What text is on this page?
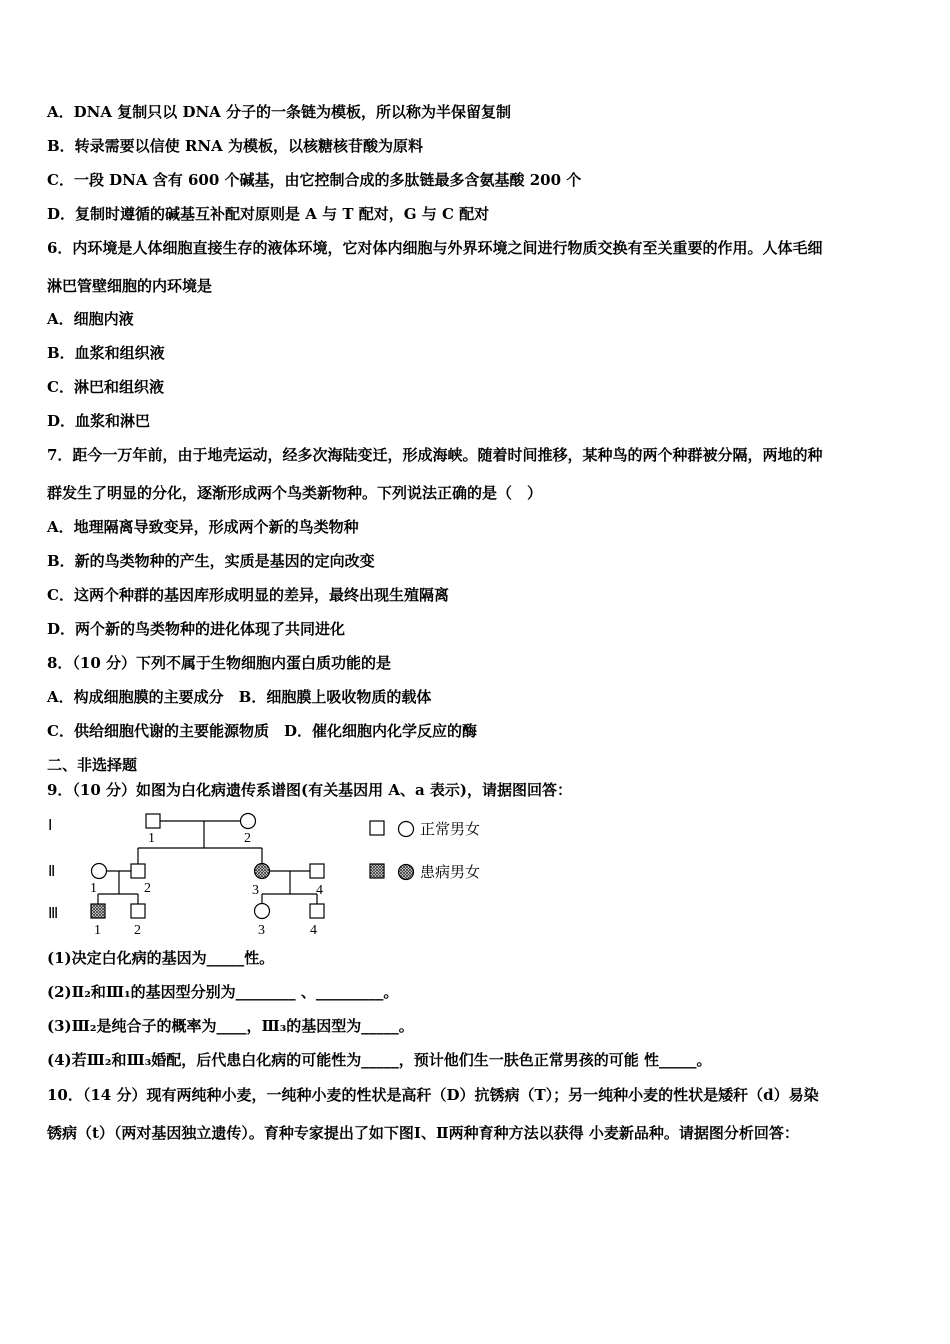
A．DNA 复制只以 DNA 分子的一条链为模板，所以称为半保留复制
B．转录需要以信使 RNA 为模板，以核糖核苷酸为原料
C．一段 DNA 含有 600 个碱基，由它控制合成的多肽链最多含氨基酸 200 个
D．复制时遵循的碱基互补配对原则是 A 与 T 配对，G 与 C 配对
6．内环境是人体细胞直接生存的液体环境，它对体内细胞与外界环境之间进行物质交换有至关重要的作用。人体毛细
淋巴管壁细胞的内环境是
A．细胞内液
B．血浆和组织液
C．淋巴和组织液
D．血浆和淋巴
7．距今一万年前，由于地壳运动，经多次海陆变迁，形成海峡。随着时间推移，某种鸟的两个种群被分隔，两地的种
群发生了明显的分化，逐渐形成两个鸟类新物种。下列说法正确的是（　）
A．地理隔离导致变异，形成两个新的鸟类物种
B．新的鸟类物种的产生，实质是基因的定向改变
C．这两个种群的基因库形成明显的差异，最终出现生殖隔离
D．两个新的鸟类物种的进化体现了共同进化
8．（10 分）下列不属于生物细胞内蛋白质功能的是
A．构成细胞膜的主要成分　B．细胞膜上吸收物质的载体
C．供给细胞代谢的主要能源物质　D．催化细胞内化学反应的酶
二、非选择题
9．（10 分）如图为白化病遗传系谱图(有关基因用 A、a 表示)，请据图回答：
Ⅰ
Ⅱ
Ⅲ
1	2
1	2	3	4
1 2	3	4
正常男女
患病男女
(1)决定白化病的基因为_____性。
(2)Ⅱ₂和Ⅲ₁的基因型分别为________ 、_________。
(3)Ⅲ₂是纯合子的概率为____，Ⅲ₃的基因型为_____。
(4)若Ⅲ₂和Ⅲ₃婚配，后代患白化病的可能性为_____，预计他们生一肤色正常男孩的可能 性_____。
10．（14 分）现有两纯种小麦，一纯种小麦的性状是高秆（D）抗锈病（T）；另一纯种小麦的性状是矮秆（d）易染
锈病（t）（两对基因独立遗传）。育种专家提出了如下图Ⅰ、Ⅱ两种育种方法以获得 小麦新品种。请据图分析回答：
